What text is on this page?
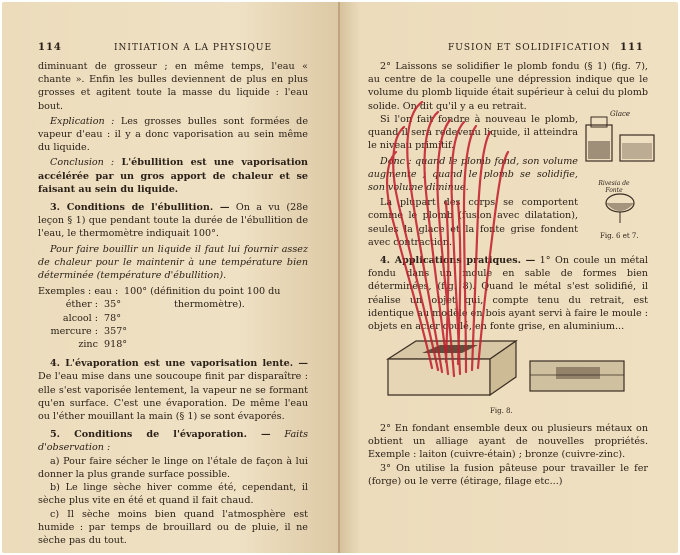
114	INITIATION A LA PHYSIQUE

diminuant de grosseur ; en même temps, l'eau « chante ». Enfin les bulles deviennent de plus en plus grosses et agitent toute la masse du liquide : l'eau bout.

Explication : Les grosses bulles sont formées de vapeur d'eau : il y a donc vaporisation au sein même du liquide.

Conclusion : L'ébullition est une vaporisation accélérée par un gros apport de chaleur et se faisant au sein du liquide.

3. Conditions de l'ébullition. — On a vu (28e leçon § 1) que pendant toute la durée de l'ébullition de l'eau, le thermomètre indiquait 100°.

Pour faire bouillir un liquide il faut lui fournir assez de chaleur pour le maintenir à une température bien déterminée (température d'ébullition).

Exemples : eau : 100° (définition du point 100 du
éther : 35°	thermomètre).
alcool : 78°
mercure : 357°
zinc 918°

4. L'évaporation est une vaporisation lente. — De l'eau mise dans une soucoupe finit par disparaître : elle s'est vaporisée lentement, la vapeur ne se formant qu'en surface. C'est une évaporation. De même l'eau ou l'éther mouillant la main (§ 1) se sont évaporés.

5. Conditions de l'évaporation. — Faits d'observation :

a) Pour faire sécher le linge on l'étale de façon à lui donner la plus grande surface possible.

b) Le linge sèche hiver comme été, cependant, il sèche plus vite en été et quand il fait chaud.

c) Il sèche moins bien quand l'atmosphère est humide : par temps de brouillard ou de pluie, il ne sèche pas du tout.

FUSION ET SOLIDIFICATION 111

2° Laissons se solidifier le plomb fondu (§ 1) (fig. 7), au centre de la coupelle une dépression indique que le volume du plomb liquide était supérieur à celui du plomb solide. On dit qu'il y a eu retrait.

Si l'on fait fondre à nouveau le plomb, quand il sera redevenu liquide, il atteindra le niveau primitif.

Donc : quand le plomb fond, son volume augmente ; quand le plomb se solidifie, son volume diminue.

La plupart des corps se comportent comme le plomb (fusion avec dilatation), seules la glace et la fonte grise fondent avec contraction.

Glace
Rivesia de Fonte
Fig. 6 et 7.

4. Applications pratiques. — 1° On coule un métal fondu dans un moule en sable de formes bien déterminées, (fig. 8). Quand le métal s'est solidifié, il réalise un objet qui, compte tenu du retrait, est identique au modèle en bois ayant servi à faire le moule : objets en acier coulé, en fonte grise, en aluminium...

Fig. 8.

2° En fondant ensemble deux ou plusieurs métaux on obtient un alliage ayant de nouvelles propriétés. Exemple : laiton (cuivre-étain) ; bronze (cuivre-zinc).

3° On utilise la fusion pâteuse pour travailler le fer (forge) ou le verre (étirage, filage etc...)
